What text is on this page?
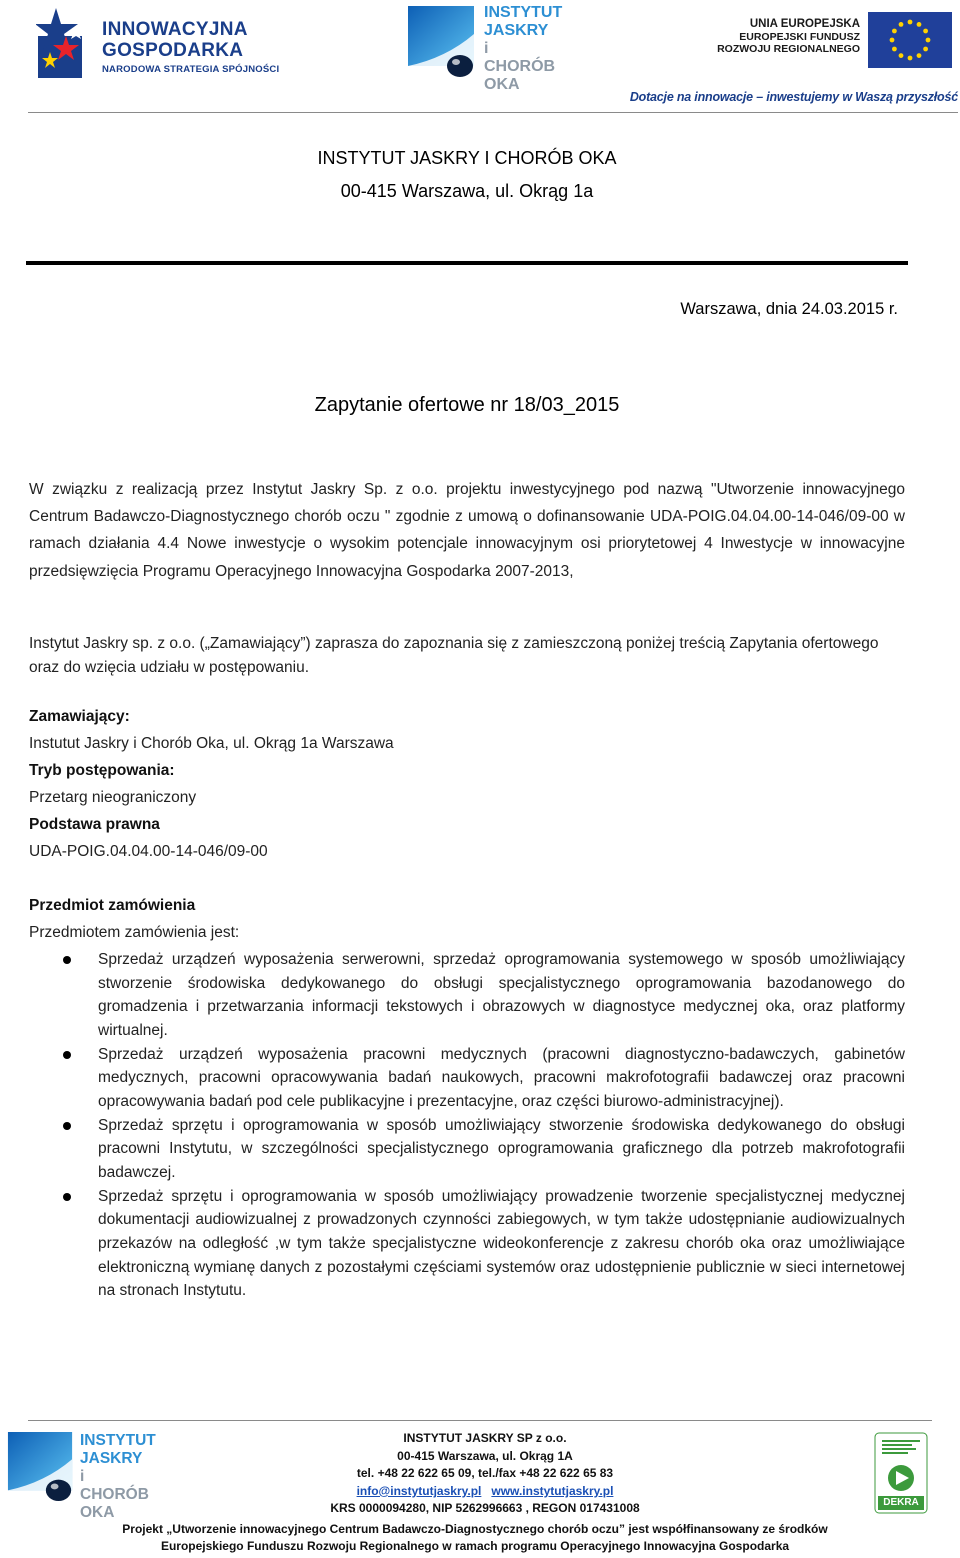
INNOWACYJNA
GOSPODARKA
NARODOWA STRATEGIA SPÓJNOŚCI
INSTYTUT
JASKRY
i CHORÓB
OKA
UNIA EUROPEJSKA
EUROPEJSKI FUNDUSZ
ROZWOJU REGIONALNEGO
Dotacje na innowacje – inwestujemy w Waszą przyszłość
INSTYTUT JASKRY I CHORÓB OKA
00-415 Warszawa, ul. Okrąg 1a
Warszawa, dnia 24.03.2015 r.
Zapytanie ofertowe nr 18/03_2015
W związku z realizacją przez Instytut Jaskry Sp. z o.o. projektu inwestycyjnego pod nazwą "Utworzenie innowacyjnego Centrum Badawczo-Diagnostycznego chorób oczu " zgodnie z umową o dofinansowanie UDA-POIG.04.04.00-14-046/09-00 w ramach działania 4.4 Nowe inwestycje o wysokim potencjale innowacyjnym osi priorytetowej 4 Inwestycje w innowacyjne przedsięwzięcia Programu Operacyjnego Innowacyjna Gospodarka 2007-2013,
Instytut Jaskry sp. z o.o. („Zamawiający”) zaprasza do zapoznania się z zamieszczoną poniżej treścią Zapytania ofertowego oraz do wzięcia udziału w postępowaniu.
Zamawiający:
Instutut Jaskry i Chorób Oka, ul. Okrąg 1a Warszawa
Tryb postępowania:
Przetarg nieograniczony
Podstawa prawna
UDA-POIG.04.04.00-14-046/09-00
Przedmiot zamówienia
Przedmiotem zamówienia jest:
Sprzedaż urządzeń wyposażenia serwerowni, sprzedaż oprogramowania systemowego w sposób umożliwiający stworzenie środowiska dedykowanego do obsługi specjalistycznego oprogramowania bazodanowego do gromadzenia i przetwarzania informacji tekstowych i obrazowych w diagnostyce medycznej oka, oraz platformy wirtualnej.
Sprzedaż urządzeń wyposażenia pracowni medycznych (pracowni diagnostyczno-badawczych, gabinetów medycznych, pracowni opracowywania badań naukowych, pracowni makrofotografii badawczej oraz pracowni opracowywania badań pod cele publikacyjne i prezentacyjne, oraz części biurowo-administracyjnej).
Sprzedaż sprzętu i oprogramowania w sposób umożliwiający stworzenie środowiska dedykowanego do obsługi pracowni Instytutu, w szczególności specjalistycznego oprogramowania graficznego dla potrzeb makrofotografii badawczej.
Sprzedaż sprzętu i oprogramowania w sposób umożliwiający prowadzenie tworzenie specjalistycznej medycznej dokumentacji audiowizualnej z prowadzonych czynności zabiegowych, w tym także udostępnianie audiowizualnych przekazów na odległość ,w tym także specjalistyczne wideokonferencje z zakresu chorób oka oraz umożliwiające elektroniczną wymianę danych z pozostałymi częściami systemów oraz udostępnienie publicznie w sieci internetowej na stronach Instytutu.
INSTYTUT
JASKRY
i CHORÓB
OKA
INSTYTUT JASKRY SP z o.o.
00-415 Warszawa, ul. Okrąg 1A
tel. +48 22 622 65 09, tel./fax +48 22 622 65 83
info@instytutjaskry.pl www.instytutjaskry.pl
KRS 0000094280, NIP 5262996663 , REGON 017431008	DEKRA
Projekt „Utworzenie innowacyjnego Centrum Badawczo-Diagnostycznego chorób oczu” jest współfinansowany ze środków
Europejskiego Funduszu Rozwoju Regionalnego w ramach programu Operacyjnego Innowacyjna Gospodarka
